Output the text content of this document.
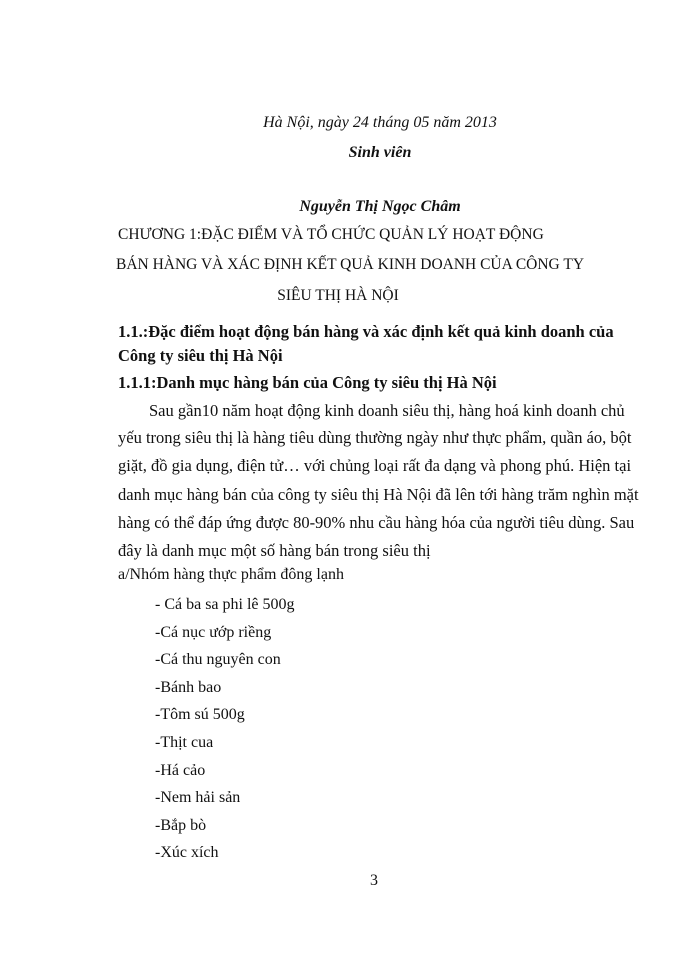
Hà Nội, ngày 24 tháng 05 năm 2013
Sinh viên
Nguyễn Thị Ngọc Châm
CHƯƠNG 1:ĐẶC ĐIỂM VÀ TỔ CHỨC QUẢN LÝ HOẠT ĐỘNG
BÁN HÀNG VÀ XÁC ĐỊNH KẾT QUẢ KINH DOANH CỦA CÔNG TY
SIÊU THỊ HÀ NỘI
1.1.:Đặc điểm hoạt động bán hàng và xác định kết quả kinh doanh của
Công ty siêu thị Hà Nội
1.1.1:Danh mục hàng bán của Công ty siêu thị Hà Nội
Sau gần10 năm hoạt động kinh doanh siêu thị, hàng hoá kinh doanh chủ
yếu trong siêu thị là hàng tiêu dùng thường ngày như thực phẩm, quần áo, bột
giặt, đồ gia dụng, điện tử… với chủng loại rất đa dạng và phong phú. Hiện tại
danh mục hàng bán của công ty siêu thị Hà Nội đã lên tới hàng trăm nghìn mặt
hàng có thể đáp ứng được 80-90% nhu cầu hàng hóa của người tiêu dùng. Sau
đây là danh mục một số hàng bán trong siêu thị
a/Nhóm hàng thực phẩm đông lạnh
- Cá ba sa phi lê 500g
-Cá nục ướp riềng
-Cá thu nguyên con
-Bánh bao
-Tôm sú 500g
-Thịt cua
-Há cảo
-Nem hải sản
-Bắp bò
-Xúc xích
3
